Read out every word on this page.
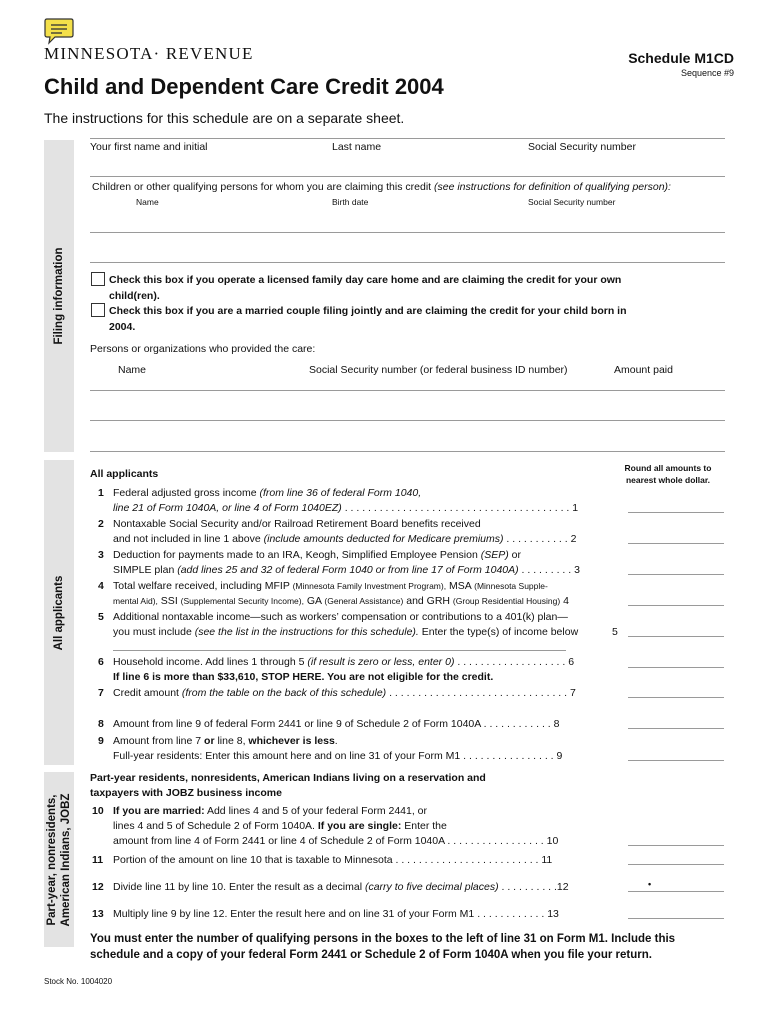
MINNESOTA· REVENUE	Schedule M1CD
Sequence #9
Child and Dependent Care Credit 2004
The instructions for this schedule are on a separate sheet.
Filing information
All applicants
Part-year, nonresidents, American Indians, JOBZ
Your first name and initial	Last name	Social Security number
Children or other qualifying persons for whom you are claiming this credit (see instructions for definition of qualifying person):
Name	Birth date	Social Security number
Check this box if you operate a licensed family day care home and are claiming the credit for your own
child(ren).
Check this box if you are a married couple filing jointly and are claiming the credit for your child born in
2004.
Persons or organizations who provided the care:
Name	Social Security number (or federal business ID number)	Amount paid
Round all amounts to
nearest whole dollar.
All applicants
1 Federal adjusted gross income (from line 36 of federal Form 1040,
line 21 of Form 1040A, or line 4 of Form 1040EZ) . . . . . . . . . . . . . . . . . . . . . . . . . . . . . . . . . . . . . . . 1
2 Nontaxable Social Security and/or Railroad Retirement Board benefits received
and not included in line 1 above (include amounts deducted for Medicare premiums) . . . . . . . . . . . 2
3 Deduction for payments made to an IRA, Keogh, Simplified Employee Pension (SEP) or
SIMPLE plan (add lines 25 and 32 of federal Form 1040 or from line 17 of Form 1040A) . . . . . . . . . 3
4 Total welfare received, including MFIP (Minnesota Family Investment Program), MSA (Minnesota Supple-
mental Aid), SSI (Supplemental Security Income), GA (General Assistance) and GRH (Group Residential Housing) 4
5 Additional nontaxable income—such as workers’ compensation or contributions to a 401(k) plan—
you must include (see the list in the instructions for this schedule). Enter the type(s) of income below	5
6 Household income. Add lines 1 through 5 (if result is zero or less, enter 0) . . . . . . . . . . . . . . . . . . . 6
If line 6 is more than $33,610, STOP HERE. You are not eligible for the credit.
7 Credit amount (from the table on the back of this schedule) . . . . . . . . . . . . . . . . . . . . . . . . . . . . . . . 7
8 Amount from line 9 of federal Form 2441 or line 9 of Schedule 2 of Form 1040A . . . . . . . . . . . . 8
9 Amount from line 7 or line 8, whichever is less.
Full-year residents: Enter this amount here and on line 31 of your Form M1 . . . . . . . . . . . . . . . . 9
Part-year residents, nonresidents, American Indians living on a reservation and
taxpayers with JOBZ business income
10 If you are married: Add lines 4 and 5 of your federal Form 2441, or
lines 4 and 5 of Schedule 2 of Form 1040A. If you are single: Enter the
amount from line 4 of Form 2441 or line 4 of Schedule 2 of Form 1040A . . . . . . . . . . . . . . . . . 10
11 Portion of the amount on line 10 that is taxable to Minnesota . . . . . . . . . . . . . . . . . . . . . . . . . 11
12 Divide line 11 by line 10. Enter the result as a decimal (carry to five decimal places) . . . . . . . . . .12	•
13 Multiply line 9 by line 12. Enter the result here and on line 31 of your Form M1 . . . . . . . . . . . . 13
You must enter the number of qualifying persons in the boxes to the left of line 31 on Form M1. Include this
schedule and a copy of your federal Form 2441 or Schedule 2 of Form 1040A when you file your return.
Stock No. 1004020
